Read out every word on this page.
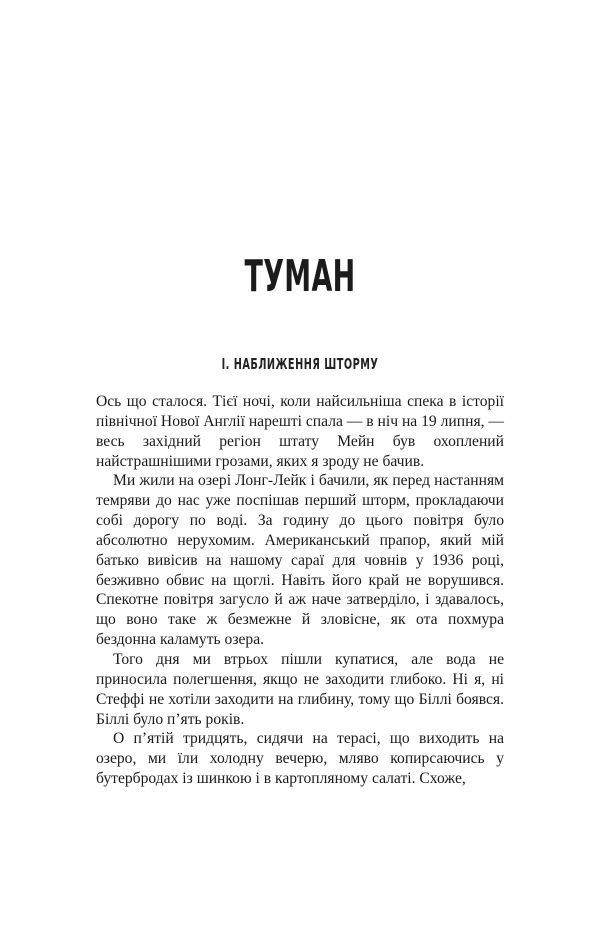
ТУМАН
I. НАБЛИЖЕННЯ ШТОРМУ

Ось що сталося. Тієї ночі, коли найсильніша спека в історії північної Нової Англії нарешті спала — в ніч на 19 липня, — весь західний регіон штату Мейн був охоплений найстрашнішими грозами, яких я зроду не бачив.

Ми жили на озері Лонг-Лейк і бачили, як перед настанням темряви до нас уже поспішав перший шторм, прокладаючи собі дорогу по воді. За годину до цього повітря було абсолютно нерухомим. Американський прапор, який мій батько вивісив на нашому сараї для човнів у 1936 році, безживно обвис на щоглі. Навіть його край не ворушився. Спекотне повітря загусло й аж наче затверділо, і здавалось, що воно таке ж безмежне й зловісне, як ота похмура бездонна каламуть озера.

Того дня ми втрьох пішли купатися, але вода не приносила полегшення, якщо не заходити глибоко. Ні я, ні Стеффі не хотіли заходити на глибину, тому що Біллі боявся. Біллі було п’ять років.

О п’ятій тридцять, сидячи на терасі, що виходить на озеро, ми їли холодну вечерю, мляво копирсаючись у бутербродах із шинкою і в картопляному салаті. Схоже,
